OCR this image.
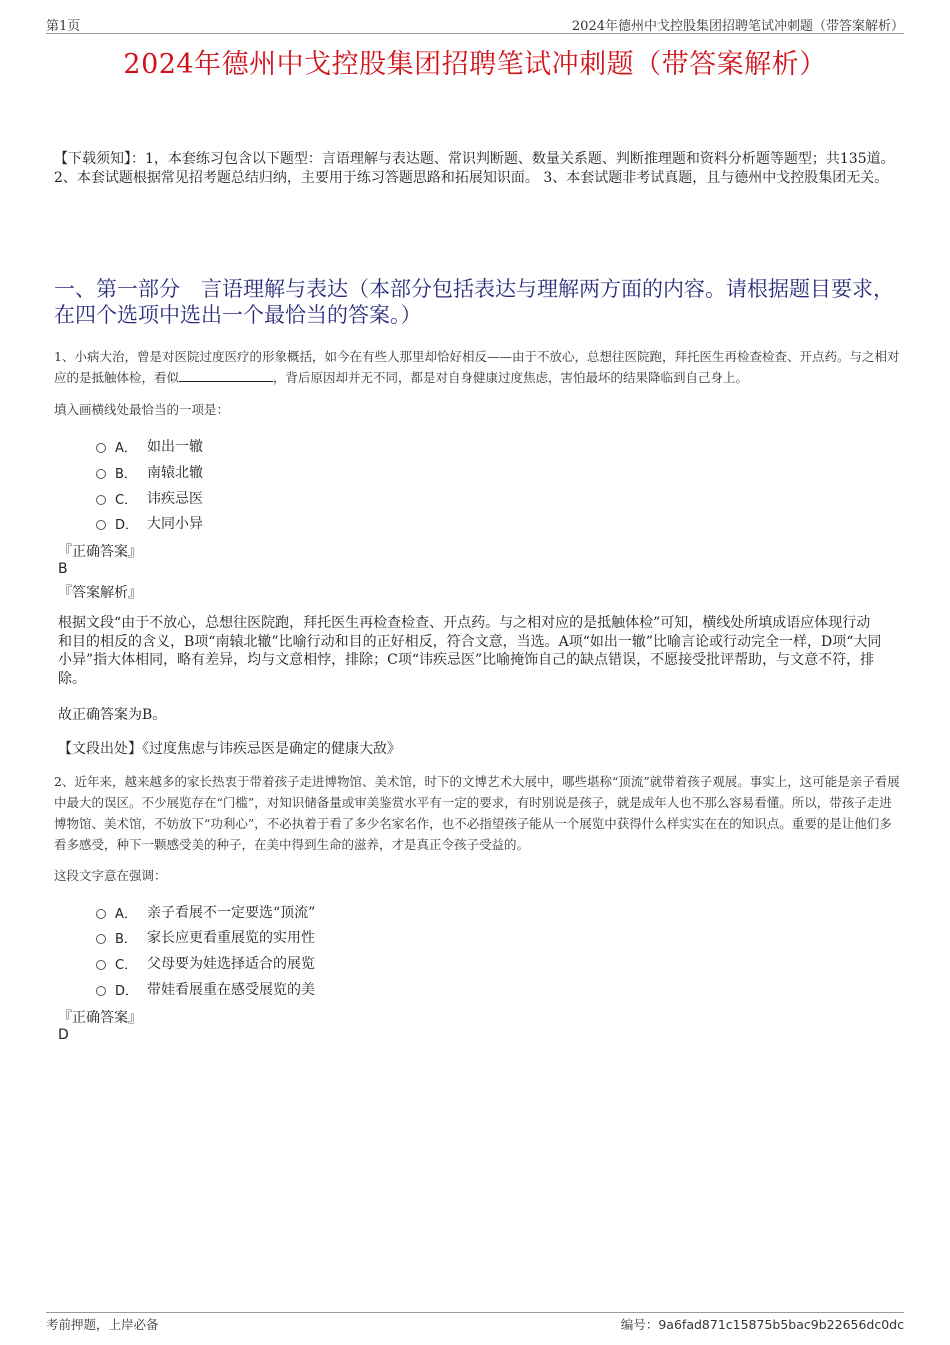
第1页	2024年德州中戈控股集团招聘笔试冲刺题（带答案解析）
2024年德州中戈控股集团招聘笔试冲刺题（带答案解析）
【下载须知】：1，本套练习包含以下题型：言语理解与表达题、常识判断题、数量关系题、判断推理题和资料分析题等题型；共135道。 2、本套试题根据常见招考题总结归纳，主要用于练习答题思路和拓展知识面。 3、本套试题非考试真题，且与德州中戈控股集团无关。
一、第一部分　言语理解与表达（本部分包括表达与理解两方面的内容。请根据题目要求，在四个选项中选出一个最恰当的答案。）
1、小病大治，曾是对医院过度医疗的形象概括，如今在有些人那里却恰好相反——由于不放心，总想往医院跑，拜托医生再检查检查、开点药。与之相对应的是抵触体检，看似	，背后原因却并无不同，都是对自身健康过度焦虑，害怕最坏的结果降临到自己身上。
填入画横线处最恰当的一项是：
A． 如出一辙
B． 南辕北辙
C． 讳疾忌医
D． 大同小异
『正确答案』
B
『答案解析』
根据文段“由于不放心，总想往医院跑，拜托医生再检查检查、开点药。与之相对应的是抵触体检”可知，横线处所填成语应体现行动和目的相反的含义，B项“南辕北辙”比喻行动和目的正好相反，符合文意，当选。A项“如出一辙”比喻言论或行动完全一样，D项“大同小异”指大体相同，略有差异，均与文意相悖，排除；C项“讳疾忌医”比喻掩饰自己的缺点错误，不愿接受批评帮助，与文意不符，排除。
故正确答案为B。
【文段出处】《过度焦虑与讳疾忌医是确定的健康大敌》
2、近年来，越来越多的家长热衷于带着孩子走进博物馆、美术馆，时下的文博艺术大展中，哪些堪称“顶流”就带着孩子观展。事实上，这可能是亲子看展中最大的误区。不少展览存在“门槛”，对知识储备量或审美鉴赏水平有一定的要求，有时别说是孩子，就是成年人也不那么容易看懂。所以，带孩子走进博物馆、美术馆，不妨放下“功利心”，不必执着于看了多少名家名作，也不必指望孩子能从一个展览中获得什么样实实在在的知识点。重要的是让他们多看多感受，种下一颗感受美的种子，在美中得到生命的滋养，才是真正令孩子受益的。
这段文字意在强调：
A． 亲子看展不一定要选“顶流”
B． 家长应更看重展览的实用性
C． 父母要为娃选择适合的展览
D． 带娃看展重在感受展览的美
『正确答案』
D
考前押题，上岸必备	编号：9a6fad871c15875b5bac9b22656dc0dc
